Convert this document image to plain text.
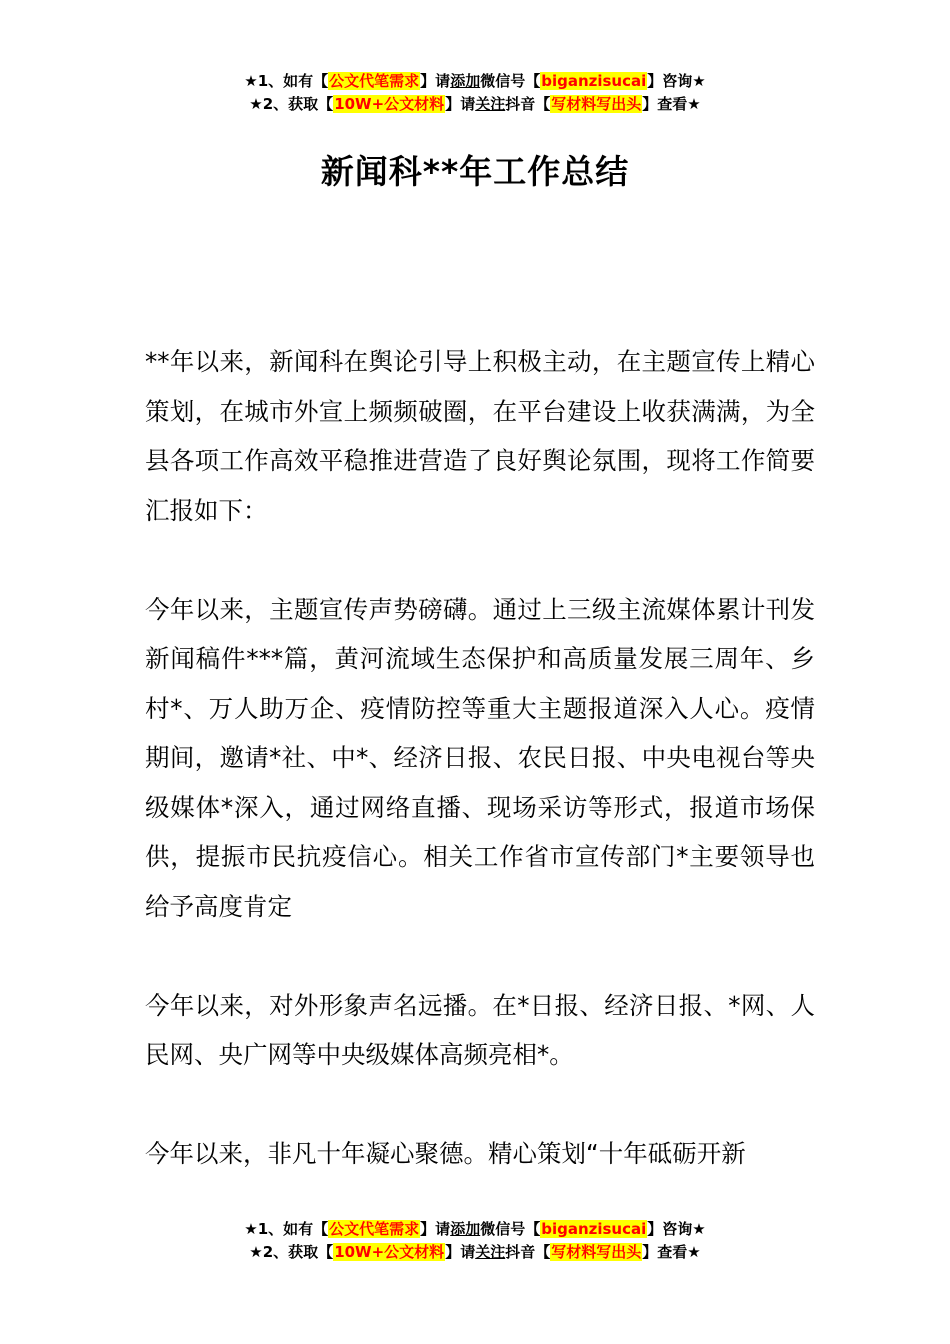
★1、如有【公文代笔需求】请添加微信号【biganzisucai】咨询★
★2、获取【10W+公文材料】请关注抖音【写材料写出头】查看★
新闻科**年工作总结

**年以来，新闻科在舆论引导上积极主动，在主题宣传上精心策划，在城市外宣上频频破圈，在平台建设上收获满满，为全县各项工作高效平稳推进营造了良好舆论氛围，现将工作简要汇报如下：

今年以来，主题宣传声势磅礴。通过上三级主流媒体累计刊发新闻稿件***篇，黄河流域生态保护和高质量发展三周年、乡村*、万人助万企、疫情防控等重大主题报道深入人心。疫情期间，邀请*社、中*、经济日报、农民日报、中央电视台等央级媒体*深入，通过网络直播、现场采访等形式，报道市场保供，提振市民抗疫信心。相关工作省市宣传部门*主要领导也给予高度肯定

今年以来，对外形象声名远播。在*日报、经济日报、*网、人民网、央广网等中央级媒体高频亮相*。

今年以来，非凡十年凝心聚德。精心策划“十年砥砺开新

★1、如有【公文代笔需求】请添加微信号【biganzisucai】咨询★
★2、获取【10W+公文材料】请关注抖音【写材料写出头】查看★
